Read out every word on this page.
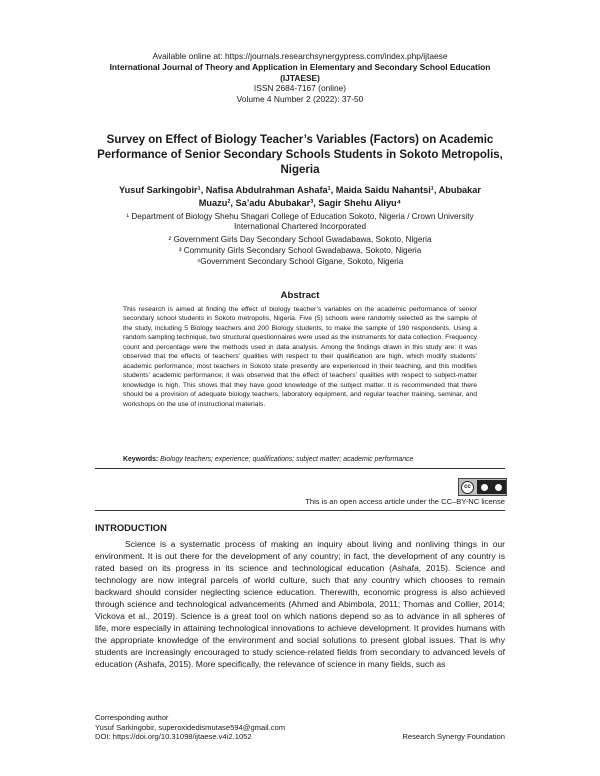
Available online at: https://journals.researchsynergypress.com/index.php/ijtaese
International Journal of Theory and Application in Elementary and Secondary School Education
(IJTAESE)
ISSN 2684-7167 (online)
Volume 4 Number 2 (2022): 37-50
Survey on Effect of Biology Teacher’s Variables (Factors) on Academic
Performance of Senior Secondary Schools Students in Sokoto Metropolis,
Nigeria
Yusuf Sarkingobir¹, Nafisa Abdulrahman Ashafa¹, Maida Saidu Nahantsi¹, Abubakar
Muazu², Sa’adu Abubakar³, Sagir Shehu Aliyu⁴
¹ Department of Biology Shehu Shagari College of Education Sokoto, Nigeria / Crown University
International Chartered Incorporated
² Government Girls Day Secondary School Gwadabawa, Sokoto, Nigeria
³ Community Girls Secondary School Gwadabawa, Sokoto, Nigeria
⁴Government Secondary School Gigane, Sokoto, Nigeria
Abstract
This research is aimed at finding the effect of biology teacher’s variables on the academic performance of senior secondary school students in Sokoto metropolis, Nigeria. Five (5) schools were randomly selected as the sample of the study, including 5 Biology teachers and 200 Biology students, to make the sample of 190 respondents. Using a random sampling technique, two structural questionnaires were used as the instruments for data collection. Frequency count and percentage were the methods used in data analysis. Among the findings drawn in this study are: it was observed that the effects of teachers’ qualities with respect to their qualification are high, which modify students’ academic performance; most teachers in Sokoto state presently are experienced in their teaching, and this modifies students’ academic performance; it was observed that the effect of teachers’ qualities with respect to subject-matter knowledge is high. This shows that they have good knowledge of the subject matter. It is recommended that there should be a provision of adequate biology teachers, laboratory equipment, and regular teacher training, seminar, and workshops on the use of instructional materials.
Keywords: Biology teachers; experience; qualifications; subject matter; academic performance
cc
This is an open access article under the CC–BY-NC license
INTRODUCTION

Science is a systematic process of making an inquiry about living and nonliving things in our environment. It is out there for the development of any country; in fact, the development of any country is rated based on its progress in its science and technological education (Ashafa, 2015). Science and technology are now integral parcels of world culture, such that any country which chooses to remain backward should consider neglecting science education. Therewith, economic progress is also achieved through science and technological advancements (Ahmed and Abimbola, 2011; Thomas and Collier, 2014; Vickova et al., 2019). Science is a great tool on which nations depend so as to advance in all spheres of life, more especially in attaining technological innovations to achieve development. It provides humans with the appropriate knowledge of the environment and social solutions to present global issues. That is why students are increasingly encouraged to study science-related fields from secondary to advanced levels of education (Ashafa, 2015). More specifically, the relevance of science in many fields, such as

Corresponding author
Yusuf Sarkingobir, superoxidedismutase594@gmail.com
DOI: https://doi.org/10.31098/ijtaese.v4i2.1052	Research Synergy Foundation
